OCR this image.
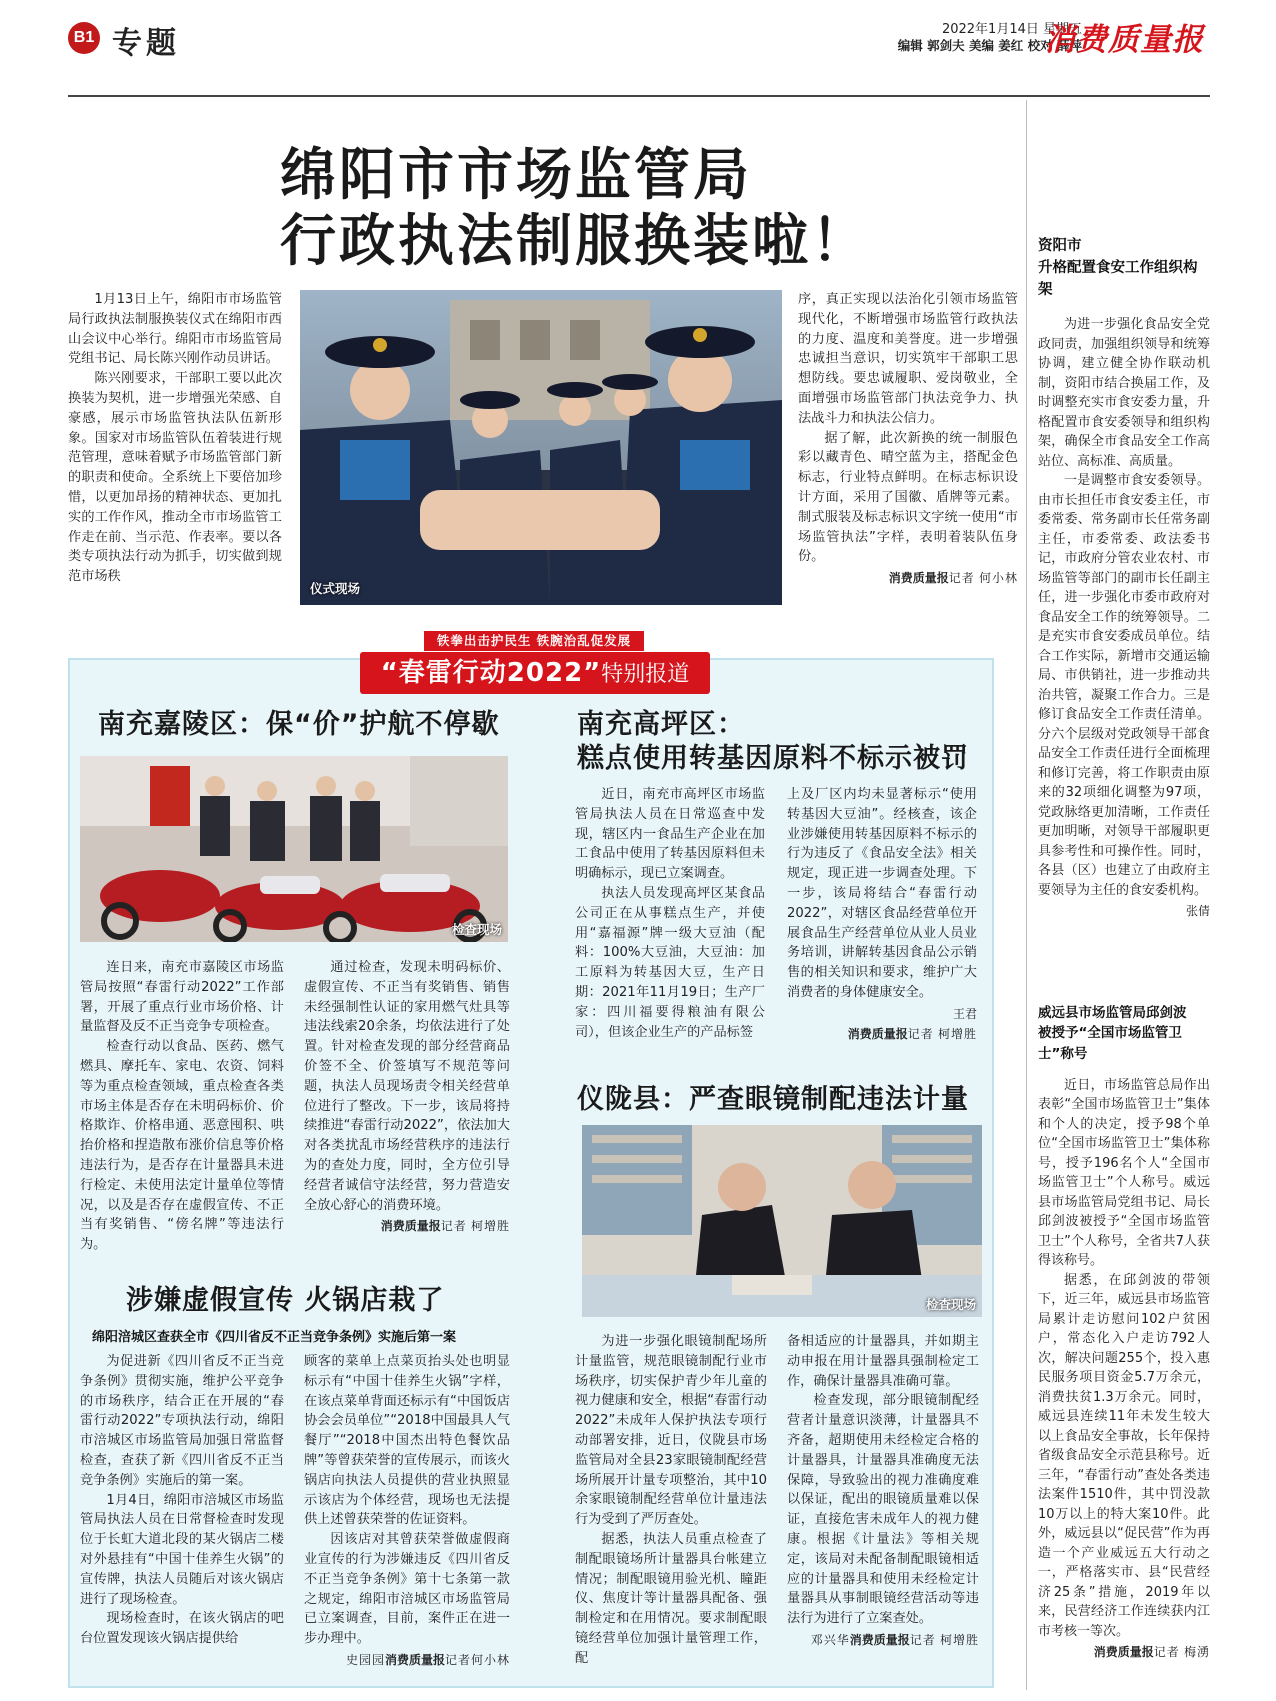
B1 专题	2022年1月14日 星期五
编辑 郭剑夫 美编 姜红 校对 薛萍
消费质量报
绵阳市市场监管局
行政执法制服换装啦！

1月13日上午，绵阳市市场监管局行政执法制服换装仪式在绵阳市西山会议中心举行。绵阳市市场监管局党组书记、局长陈兴刚作动员讲话。

陈兴刚要求，干部职工要以此次换装为契机，进一步增强光荣感、自豪感，展示市场监管执法队伍新形象。国家对市场监管队伍着装进行规范管理，意味着赋予市场监管部门新的职责和使命。全系统上下要倍加珍惜，以更加昂扬的精神状态、更加扎实的工作作风，推动全市市场监管工作走在前、当示范、作表率。要以各类专项执法行动为抓手，切实做到规范市场秩

仪式现场

序，真正实现以法治化引领市场监管现代化，不断增强市场监管行政执法的力度、温度和美誉度。进一步增强忠诚担当意识，切实筑牢干部职工思想防线。要忠诚履职、爱岗敬业，全面增强市场监管部门执法竞争力、执法战斗力和执法公信力。

据了解，此次新换的统一制服色彩以藏青色、晴空蓝为主，搭配金色标志，行业特点鲜明。在标志标识设计方面，采用了国徽、盾牌等元素。制式服装及标志标识文字统一使用“市场监管执法”字样，表明着装队伍身份。

消费质量报记者 何小林
资阳市
升格配置食安工作组织构架

为进一步强化食品安全党政同责，加强组织领导和统筹协调，建立健全协作联动机制，资阳市结合换届工作，及时调整充实市食安委力量，升格配置市食安委领导和组织构架，确保全市食品安全工作高站位、高标准、高质量。

一是调整市食安委领导。由市长担任市食安委主任，市委常委、常务副市长任常务副主任，市委常委、政法委书记，市政府分管农业农村、市场监管等部门的副市长任副主任，进一步强化市委市政府对食品安全工作的统筹领导。二是充实市食安委成员单位。结合工作实际，新增市交通运输局、市供销社，进一步推动共治共管，凝聚工作合力。三是修订食品安全工作责任清单。分六个层级对党政领导干部食品安全工作责任进行全面梳理和修订完善，将工作职责由原来的32项细化调整为97项，党政脉络更加清晰，工作责任更加明晰，对领导干部履职更具参考性和可操作性。同时，各县（区）也建立了由政府主要领导为主任的食安委机构。

张倩
威远县市场监管局邱剑波
被授予“全国市场监管卫士”称号

近日，市场监管总局作出表彰“全国市场监管卫士”集体和个人的决定，授予98个单位“全国市场监管卫士”集体称号，授予196名个人“全国市场监管卫士”个人称号。威远县市场监管局党组书记、局长邱剑波被授予“全国市场监管卫士”个人称号，全省共7人获得该称号。

据悉，在邱剑波的带领下，近三年，威远县市场监管局累计走访慰问102户贫困户，常态化入户走访792人次，解决问题255个，投入惠民服务项目资金5.7万余元，消费扶贫1.3万余元。同时，威远县连续11年未发生较大以上食品安全事故，长年保持省级食品安全示范县称号。近三年，“春雷行动”查处各类违法案件1510件，其中罚没款10万以上的特大案10件。此外，威远县以“促民营”作为再造一个产业威远五大行动之一，严格落实市、县“民营经济25条”措施，2019年以来，民营经济工作连续获内江市考核一等次。

消费质量报记者 梅湧
铁拳出击护民生 铁腕治乱促发展
“春雷行动2022”特别报道
南充嘉陵区：保“价”护航不停歇
检查现场

连日来，南充市嘉陵区市场监管局按照“春雷行动2022”工作部署，开展了重点行业市场价格、计量监督及反不正当竞争专项检查。

检查行动以食品、医药、燃气燃具、摩托车、家电、农资、饲料等为重点检查领域，重点检查各类市场主体是否存在未明码标价、价格欺诈、价格串通、恶意囤积、哄抬价格和捏造散布涨价信息等价格违法行为，是否存在计量器具未进行检定、未使用法定计量单位等情况，以及是否存在虚假宣传、不正当有奖销售、“傍名牌”等违法行为。

通过检查，发现未明码标价、虚假宣传、不正当有奖销售、销售未经强制性认证的家用燃气灶具等违法线索20余条，均依法进行了处置。针对检查发现的部分经营商品价签不全、价签填写不规范等问题，执法人员现场责令相关经营单位进行了整改。下一步，该局将持续推进“春雷行动2022”，依法加大对各类扰乱市场经营秩序的违法行为的查处力度，同时，全方位引导经营者诚信守法经营，努力营造安全放心舒心的消费环境。

消费质量报记者 柯增胜
南充高坪区：
糕点使用转基因原料不标示被罚

近日，南充市高坪区市场监管局执法人员在日常巡查中发现，辖区内一食品生产企业在加工食品中使用了转基因原料但未明确标示，现已立案调查。

执法人员发现高坪区某食品公司正在从事糕点生产，并使用“嘉福源”牌一级大豆油（配料：100%大豆油，大豆油：加工原料为转基因大豆，生产日期：2021年11月19日；生产厂家：四川福要得粮油有限公司），但该企业生产的产品标签

上及厂区内均未显著标示“使用转基因大豆油”。经核查，该企业涉嫌使用转基因原料不标示的行为违反了《食品安全法》相关规定，现正进一步调查处理。下一步，该局将结合“春雷行动2022”，对辖区食品经营单位开展食品生产经营单位从业人员业务培训，讲解转基因食品公示销售的相关知识和要求，维护广大消费者的身体健康安全。

王君
消费质量报记者 柯增胜
涉嫌虚假宣传 火锅店栽了
绵阳涪城区查获全市《四川省反不正当竞争条例》实施后第一案

为促进新《四川省反不正当竞争条例》贯彻实施，维护公平竞争的市场秩序，结合正在开展的“春雷行动2022”专项执法行动，绵阳市涪城区市场监管局加强日常监督检查，查获了新《四川省反不正当竞争条例》实施后的第一案。

1月4日，绵阳市涪城区市场监管局执法人员在日常督检查时发现位于长虹大道北段的某火锅店二楼对外悬挂有“中国十佳养生火锅”的宣传牌，执法人员随后对该火锅店进行了现场检查。

现场检查时，在该火锅店的吧台位置发现该火锅店提供给

顾客的菜单上点菜页抬头处也明显标示有“中国十佳养生火锅”字样，在该点菜单背面还标示有“中国饭店协会会员单位”“2018中国最具人气餐厅”“2018中国杰出特色餐饮品牌”等曾获荣誉的宣传展示，而该火锅店向执法人员提供的营业执照显示该店为个体经营，现场也无法提供上述曾获荣誉的佐证资料。

因该店对其曾获荣誉做虚假商业宣传的行为涉嫌违反《四川省反不正当竞争条例》第十七条第一款之规定，绵阳市涪城区市场监管局已立案调查，目前，案件正在进一步办理中。

史园园消费质量报记者何小林
仪陇县：严查眼镜制配违法计量
检查现场

为进一步强化眼镜制配场所计量监管，规范眼镜制配行业市场秩序，切实保护青少年儿童的视力健康和安全，根据“春雷行动2022”未成年人保护执法专项行动部署安排，近日，仪陇县市场监管局对全县23家眼镜制配经营场所展开计量专项整治，其中10余家眼镜制配经营单位计量违法行为受到了严厉查处。

据悉，执法人员重点检查了制配眼镜场所计量器具台帐建立情况；制配眼镜用验光机、瞳距仪、焦度计等计量器具配备、强制检定和在用情况。要求制配眼镜经营单位加强计量管理工作，配

备相适应的计量器具，并如期主动申报在用计量器具强制检定工作，确保计量器具准确可靠。

检查发现，部分眼镜制配经营者计量意识淡薄，计量器具不齐备，超期使用未经检定合格的计量器具，计量器具准确度无法保障，导致验出的视力准确度难以保证，配出的眼镜质量难以保证，直接危害未成年人的视力健康。根据《计量法》等相关规定，该局对未配备制配眼镜相适应的计量器具和使用未经检定计量器具从事制眼镜经营活动等违法行为进行了立案查处。

邓兴华消费质量报记者 柯增胜
